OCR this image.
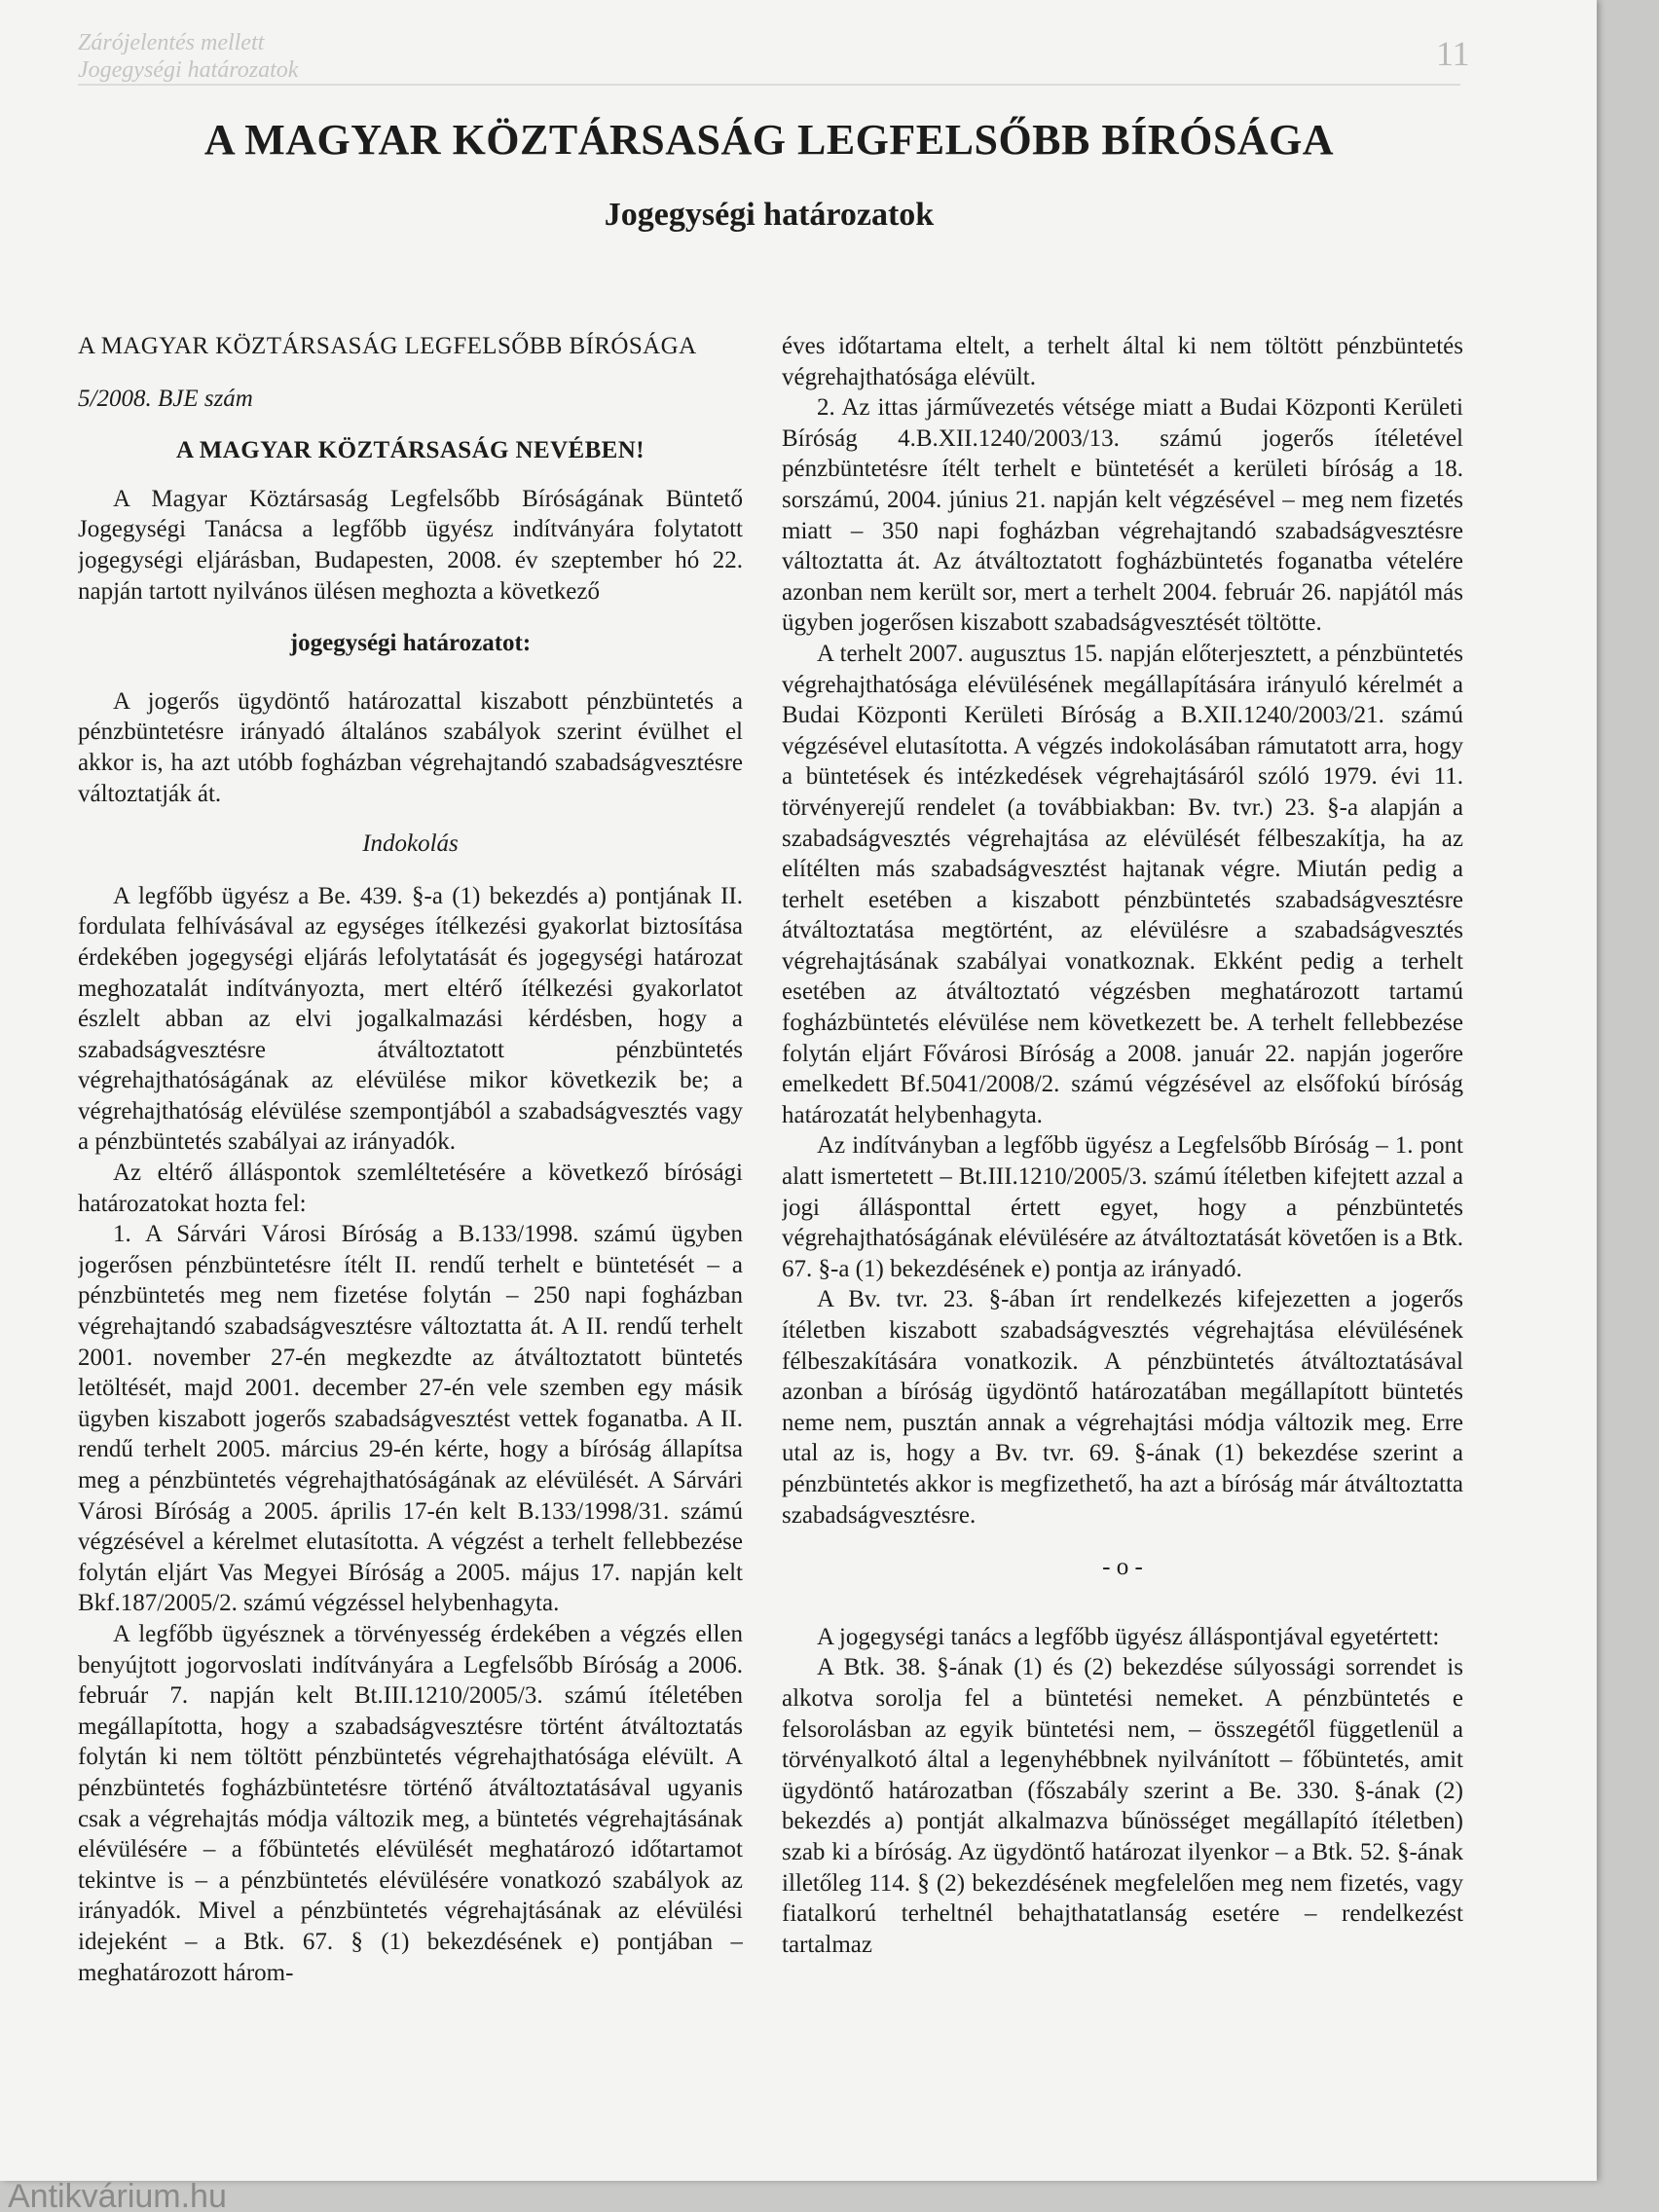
Zárójelentés mellett
Jogegységi határozatok	11
A MAGYAR KÖZTÁRSASÁG LEGFELSŐBB BÍRÓSÁGA
Jogegységi határozatok

A MAGYAR KÖZTÁRSASÁG LEGFELSŐBB BÍRÓSÁGA

5/2008. BJE szám

A MAGYAR KÖZTÁRSASÁG NEVÉBEN!

A Magyar Köztársaság Legfelsőbb Bíróságának Büntető Jogegységi Tanácsa a legfőbb ügyész indítványára folytatott jogegységi eljárásban, Budapesten, 2008. év szeptember hó 22. napján tartott nyilvános ülésen meghozta a következő

jogegységi határozatot:

A jogerős ügydöntő határozattal kiszabott pénzbüntetés a pénzbüntetésre irányadó általános szabályok szerint évülhet el akkor is, ha azt utóbb fogházban végrehajtandó szabadságvesztésre változtatják át.

Indokolás

A legfőbb ügyész a Be. 439. §-a (1) bekezdés a) pontjának II. fordulata felhívásával az egységes ítélkezési gyakorlat biztosítása érdekében jogegységi eljárás lefolytatását és jogegységi határozat meghozatalát indítványozta, mert eltérő ítélkezési gyakorlatot észlelt abban az elvi jogalkalmazási kérdésben, hogy a szabadságvesztésre átváltoztatott pénzbüntetés végrehajthatóságának az elévülése mikor következik be; a végrehajthatóság elévülése szempontjából a szabadságvesztés vagy a pénzbüntetés szabályai az irányadók.

Az eltérő álláspontok szemléltetésére a következő bírósági határozatokat hozta fel:

1. A Sárvári Városi Bíróság a B.133/1998. számú ügyben jogerősen pénzbüntetésre ítélt II. rendű terhelt e büntetését – a pénzbüntetés meg nem fizetése folytán – 250 napi fogházban végrehajtandó szabadságvesztésre változtatta át. A II. rendű terhelt 2001. november 27-én megkezdte az átváltoztatott büntetés letöltését, majd 2001. december 27-én vele szemben egy másik ügyben kiszabott jogerős szabadságvesztést vettek foganatba. A II. rendű terhelt 2005. március 29-én kérte, hogy a bíróság állapítsa meg a pénzbüntetés végrehajthatóságának az elévülését. A Sárvári Városi Bíróság a 2005. április 17-én kelt B.133/1998/31. számú végzésével a kérelmet elutasította. A végzést a terhelt fellebbezése folytán eljárt Vas Megyei Bíróság a 2005. május 17. napján kelt Bkf.187/2005/2. számú végzéssel helybenhagyta.

A legfőbb ügyésznek a törvényesség érdekében a végzés ellen benyújtott jogorvoslati indítványára a Legfelsőbb Bíróság a 2006. február 7. napján kelt Bt.III.1210/2005/3. számú ítéletében megállapította, hogy a szabadságvesztésre történt átváltoztatás folytán ki nem töltött pénzbüntetés végrehajthatósága elévült. A pénzbüntetés fogházbüntetésre történő átváltoztatásával ugyanis csak a végrehajtás módja változik meg, a büntetés végrehajtásának elévülésére – a főbüntetés elévülését meghatározó időtartamot tekintve is – a pénzbüntetés elévülésére vonatkozó szabályok az irányadók. Mivel a pénzbüntetés végrehajtásának az elévülési idejeként – a Btk. 67. § (1) bekezdésének e) pontjában – meghatározott három-

éves időtartama eltelt, a terhelt által ki nem töltött pénzbüntetés végrehajthatósága elévült.

2. Az ittas járművezetés vétsége miatt a Budai Központi Kerületi Bíróság 4.B.XII.1240/2003/13. számú jogerős ítéletével pénzbüntetésre ítélt terhelt e büntetését a kerületi bíróság a 18. sorszámú, 2004. június 21. napján kelt végzésével – meg nem fizetés miatt – 350 napi fogházban végrehajtandó szabadságvesztésre változtatta át. Az átváltoztatott fogházbüntetés foganatba vételére azonban nem került sor, mert a terhelt 2004. február 26. napjától más ügyben jogerősen kiszabott szabadságvesztését töltötte.

A terhelt 2007. augusztus 15. napján előterjesztett, a pénzbüntetés végrehajthatósága elévülésének megállapítására irányuló kérelmét a Budai Központi Kerületi Bíróság a B.XII.1240/2003/21. számú végzésével elutasította. A végzés indokolásában rámutatott arra, hogy a büntetések és intézkedések végrehajtásáról szóló 1979. évi 11. törvényerejű rendelet (a továbbiakban: Bv. tvr.) 23. §-a alapján a szabadságvesztés végrehajtása az elévülését félbeszakítja, ha az elítélten más szabadságvesztést hajtanak végre. Miután pedig a terhelt esetében a kiszabott pénzbüntetés szabadságvesztésre átváltoztatása megtörtént, az elévülésre a szabadságvesztés végrehajtásának szabályai vonatkoznak. Ekként pedig a terhelt esetében az átváltoztató végzésben meghatározott tartamú fogházbüntetés elévülése nem következett be. A terhelt fellebbezése folytán eljárt Fővárosi Bíróság a 2008. január 22. napján jogerőre emelkedett Bf.5041/2008/2. számú végzésével az elsőfokú bíróság határozatát helybenhagyta.

Az indítványban a legfőbb ügyész a Legfelsőbb Bíróság – 1. pont alatt ismertetett – Bt.III.1210/2005/3. számú ítéletben kifejtett azzal a jogi állásponttal értett egyet, hogy a pénzbüntetés végrehajthatóságának elévülésére az átváltoztatását követően is a Btk. 67. §-a (1) bekezdésének e) pontja az irányadó.

A Bv. tvr. 23. §-ában írt rendelkezés kifejezetten a jogerős ítéletben kiszabott szabadságvesztés végrehajtása elévülésének félbeszakítására vonatkozik. A pénzbüntetés átváltoztatásával azonban a bíróság ügydöntő határozatában megállapított büntetés neme nem, pusztán annak a végrehajtási módja változik meg. Erre utal az is, hogy a Bv. tvr. 69. §-ának (1) bekezdése szerint a pénzbüntetés akkor is megfizethető, ha azt a bíróság már átváltoztatta szabadságvesztésre.

- o -

A jogegységi tanács a legfőbb ügyész álláspontjával egyetértett:

A Btk. 38. §-ának (1) és (2) bekezdése súlyossági sorrendet is alkotva sorolja fel a büntetési nemeket. A pénzbüntetés e felsorolásban az egyik büntetési nem, – összegétől függetlenül a törvényalkotó által a legenyhébbnek nyilvánított – főbüntetés, amit ügydöntő határozatban (főszabály szerint a Be. 330. §-ának (2) bekezdés a) pontját alkalmazva bűnösséget megállapító ítéletben) szab ki a bíróság. Az ügydöntő határozat ilyenkor – a Btk. 52. §-ának illetőleg 114. § (2) bekezdésének megfelelően meg nem fizetés, vagy fiatalkorú terheltnél behajthatatlanság esetére – rendelkezést tartalmaz

Antikvárium.hu
